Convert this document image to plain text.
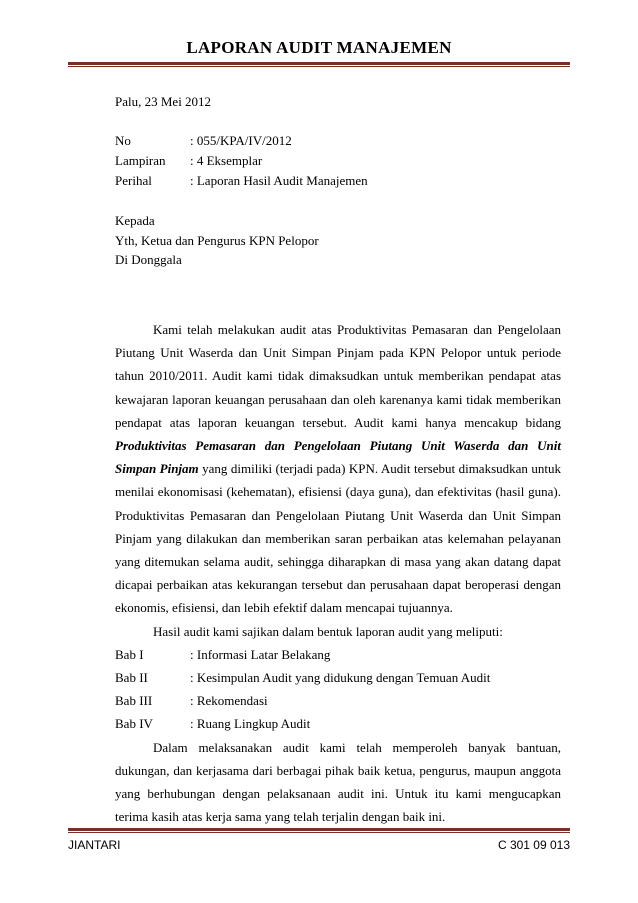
LAPORAN AUDIT MANAJEMEN
Palu, 23 Mei 2012
No	: 055/KPA/IV/2012
Lampiran	: 4 Eksemplar
Perihal	: Laporan Hasil Audit Manajemen
Kepada
Yth, Ketua dan Pengurus KPN Pelopor
Di Donggala

Kami telah melakukan audit atas Produktivitas Pemasaran dan Pengelolaan Piutang Unit Waserda dan Unit Simpan Pinjam pada KPN Pelopor untuk periode tahun 2010/2011. Audit kami tidak dimaksudkan untuk memberikan pendapat atas kewajaran laporan keuangan perusahaan dan oleh karenanya kami tidak memberikan pendapat atas laporan keuangan tersebut. Audit kami hanya mencakup bidang Produktivitas Pemasaran dan Pengelolaan Piutang Unit Waserda dan Unit Simpan Pinjam yang dimiliki (terjadi pada) KPN. Audit tersebut dimaksudkan untuk menilai ekonomisasi (kehematan), efisiensi (daya guna), dan efektivitas (hasil guna). Produktivitas Pemasaran dan Pengelolaan Piutang Unit Waserda dan Unit Simpan Pinjam yang dilakukan dan memberikan saran perbaikan atas kelemahan pelayanan yang ditemukan selama audit, sehingga diharapkan di masa yang akan datang dapat dicapai perbaikan atas kekurangan tersebut dan perusahaan dapat beroperasi dengan ekonomis, efisiensi, dan lebih efektif dalam mencapai tujuannya.

Hasil audit kami sajikan dalam bentuk laporan audit yang meliputi:

Bab I	: Informasi Latar Belakang
Bab II	: Kesimpulan Audit yang didukung dengan Temuan Audit
Bab III	: Rekomendasi
Bab IV	: Ruang Lingkup Audit

Dalam melaksanakan audit kami telah memperoleh banyak bantuan, dukungan, dan kerjasama dari berbagai pihak baik ketua, pengurus, maupun anggota yang berhubungan dengan pelaksanaan audit ini. Untuk itu kami mengucapkan terima kasih atas kerja sama yang telah terjalin dengan baik ini.

JIANTARI	C 301 09 013
